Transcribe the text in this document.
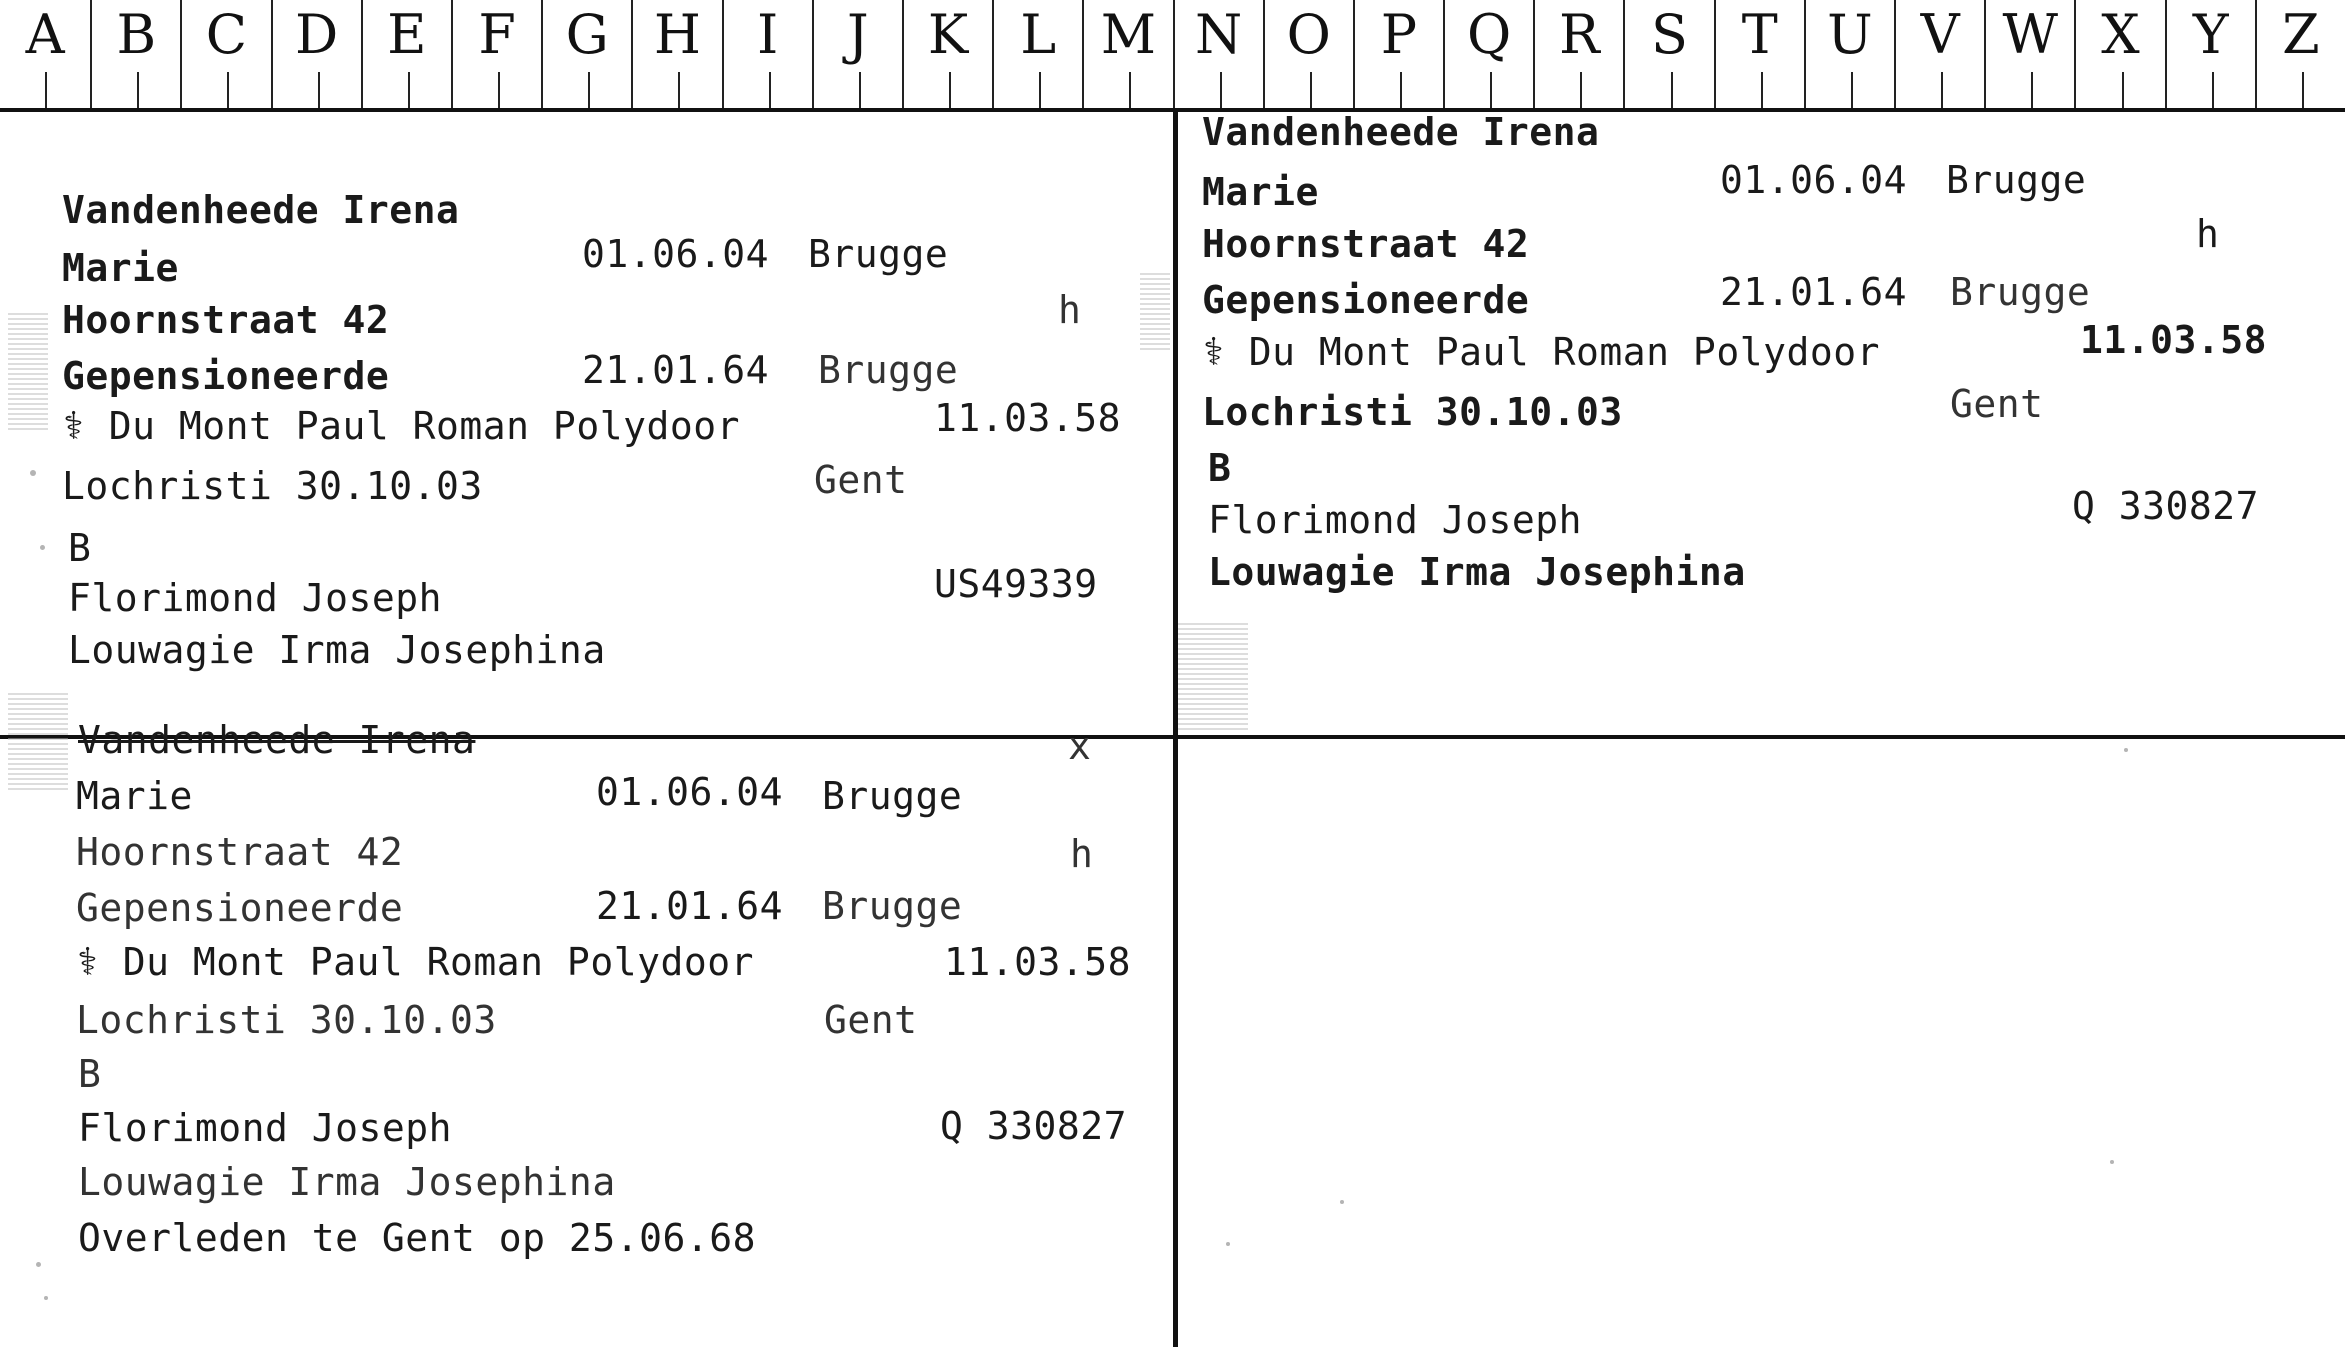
A B C D E F G H	I	J	K L M N O P Q R S T U V W X Y Z
Vandenheede Irena
Marie	01.06.04 Brugge
Hoornstraat 42	h
Gepensioneerde	21.01.64 Brugge
⚕ Du Mont Paul Roman Polydoor	11.03.58
Lochristi 30.10.03	Gent
B
Florimond Joseph	US49339
Louwagie Irma Josephina
Vandenheede Irena
Marie	01.06.04 Brugge
Hoornstraat 42	h
Gepensioneerde	21.01.64 Brugge
⚕ Du Mont Paul Roman Polydoor	11.03.58
Lochristi 30.10.03	Gent
B
Florimond Joseph	Q 330827
Louwagie Irma Josephina
Vandenheede Irena	x
Marie	01.06.04 Brugge
Hoornstraat 42	h
Gepensioneerde	21.01.64 Brugge
⚕ Du Mont Paul Roman Polydoor	11.03.58
Lochristi 30.10.03	Gent
B
Florimond Joseph	Q 330827
Louwagie Irma Josephina
Overleden te Gent op 25.06.68
